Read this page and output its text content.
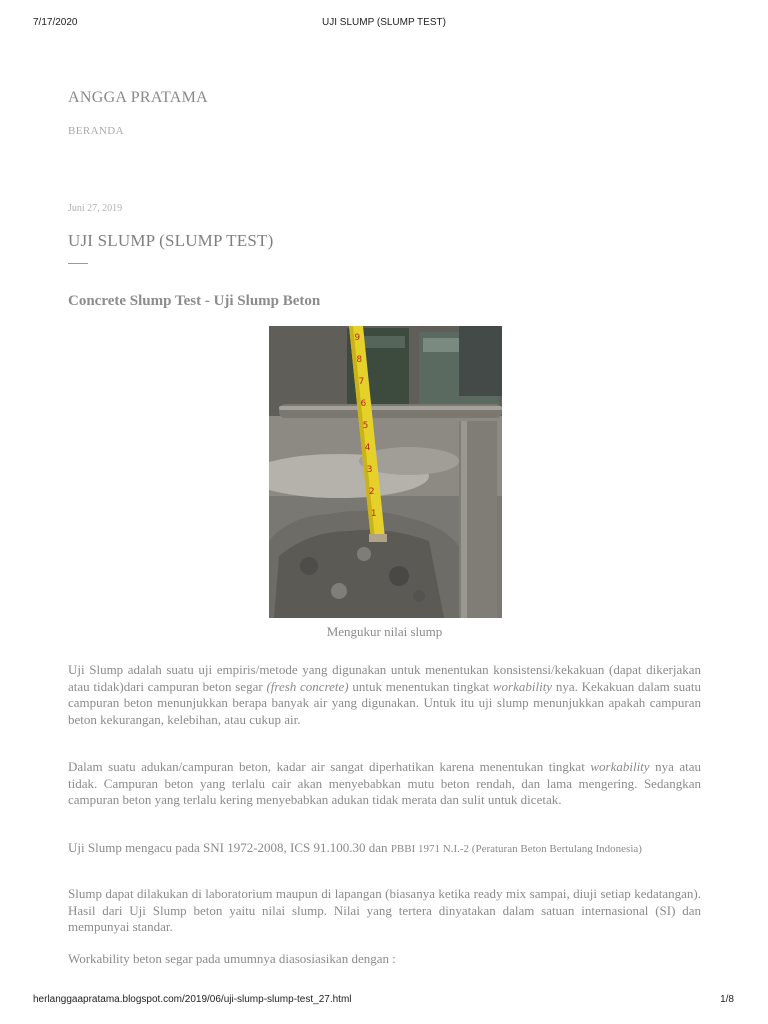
7/17/2020	UJI SLUMP (SLUMP TEST)
ANGGA PRATAMA
BERANDA
Juni 27, 2019
UJI SLUMP (SLUMP TEST)
Concrete Slump Test - Uji Slump Beton
9
8
7
6
5
4
3
2
1
Mengukur nilai slump

Uji Slump adalah suatu uji empiris/metode yang digunakan untuk menentukan konsistensi/kekakuan (dapat dikerjakan atau tidak)dari campuran beton segar (fresh concrete) untuk menentukan tingkat workability nya. Kekakuan dalam suatu campuran beton menunjukkan berapa banyak air yang digunakan. Untuk itu uji slump menunjukkan apakah campuran beton kekurangan, kelebihan, atau cukup air.

Dalam suatu adukan/campuran beton, kadar air sangat diperhatikan karena menentukan tingkat workability nya atau tidak. Campuran beton yang terlalu cair akan menyebabkan mutu beton rendah, dan lama mengering. Sedangkan campuran beton yang terlalu kering menyebabkan adukan tidak merata dan sulit untuk dicetak.

Uji Slump mengacu pada SNI 1972-2008, ICS 91.100.30 dan PBBI 1971 N.I.-2 (Peraturan Beton Bertulang Indonesia)

Slump dapat dilakukan di laboratorium maupun di lapangan (biasanya ketika ready mix sampai, diuji setiap kedatangan). Hasil dari Uji Slump beton yaitu nilai slump. Nilai yang tertera dinyatakan dalam satuan internasional (SI) dan mempunyai standar.

Workability beton segar pada umumnya diasosiasikan dengan :

herlanggaapratama.blogspot.com/2019/06/uji-slump-slump-test_27.html	1/8
